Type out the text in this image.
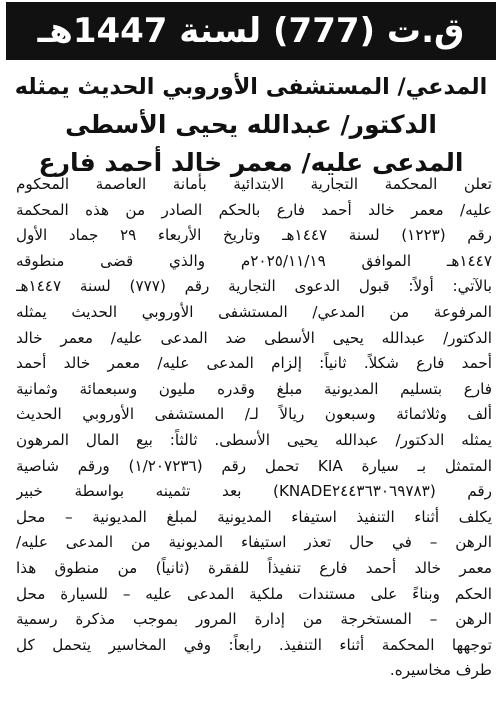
ق.ت (777) لسنة 1447هـ
المدعي/ المستشفى الأوروبي الحديث يمثله
الدكتور/ عبدالله يحيى الأسطى
المدعى عليه/ معمر خالد أحمد فارع
تعلن المحكمة التجارية الابتدائية بأمانة العاصمة المحكوم
عليه/ معمر خالد أحمد فارع بالحكم الصادر من هذه المحكمة
رقم (١٢٢٣) لسنة ١٤٤٧هـ وتاريخ الأربعاء ٢٩ جماد الأول
١٤٤٧هـ الموافق ٢٠٢٥/١١/١٩م والذي قضى منطوقه
بالآتي: أولاً: قبول الدعوى التجارية رقم (٧٧٧) لسنة ١٤٤٧هـ
المرفوعة من المدعي/ المستشفى الأوروبي الحديث يمثله
الدكتور/ عبدالله يحيى الأسطى ضد المدعى عليه/ معمر خالد
أحمد فارع شكلاً. ثانياً: إلزام المدعى عليه/ معمر خالد أحمد
فارع بتسليم المديونية مبلغ وقدره مليون وسبعمائة وثمانية
ألف وثلاثمائة وسبعون ريالاً لـ/ المستشفى الأوروبي الحديث
يمثله الدكتور/ عبدالله يحيى الأسطى. ثالثاً: بيع المال المرهون
المتمثل بـ سيارة KIA تحمل رقم (١/٢٠٧٢٣٦) ورقم شاصية
رقم (KNADE٢٤٤٣٦٣٠٦٩٧٨٣) بعد تثمينه بواسطة خبير
يكلف أثناء التنفيذ استيفاء المديونية لمبلغ المديونية – محل
الرهن – في حال تعذر استيفاء المديونية من المدعى عليه/
معمر خالد أحمد فارع تنفيذاً للفقرة (ثانياً) من منطوق هذا
الحكم وبناءً على مستندات ملكية المدعى عليه – للسيارة محل
الرهن – المستخرجة من إدارة المرور بموجب مذكرة رسمية
توجهها المحكمة أثناء التنفيذ. رابعاً: وفي المخاسير يتحمل كل
طرف مخاسيره.
